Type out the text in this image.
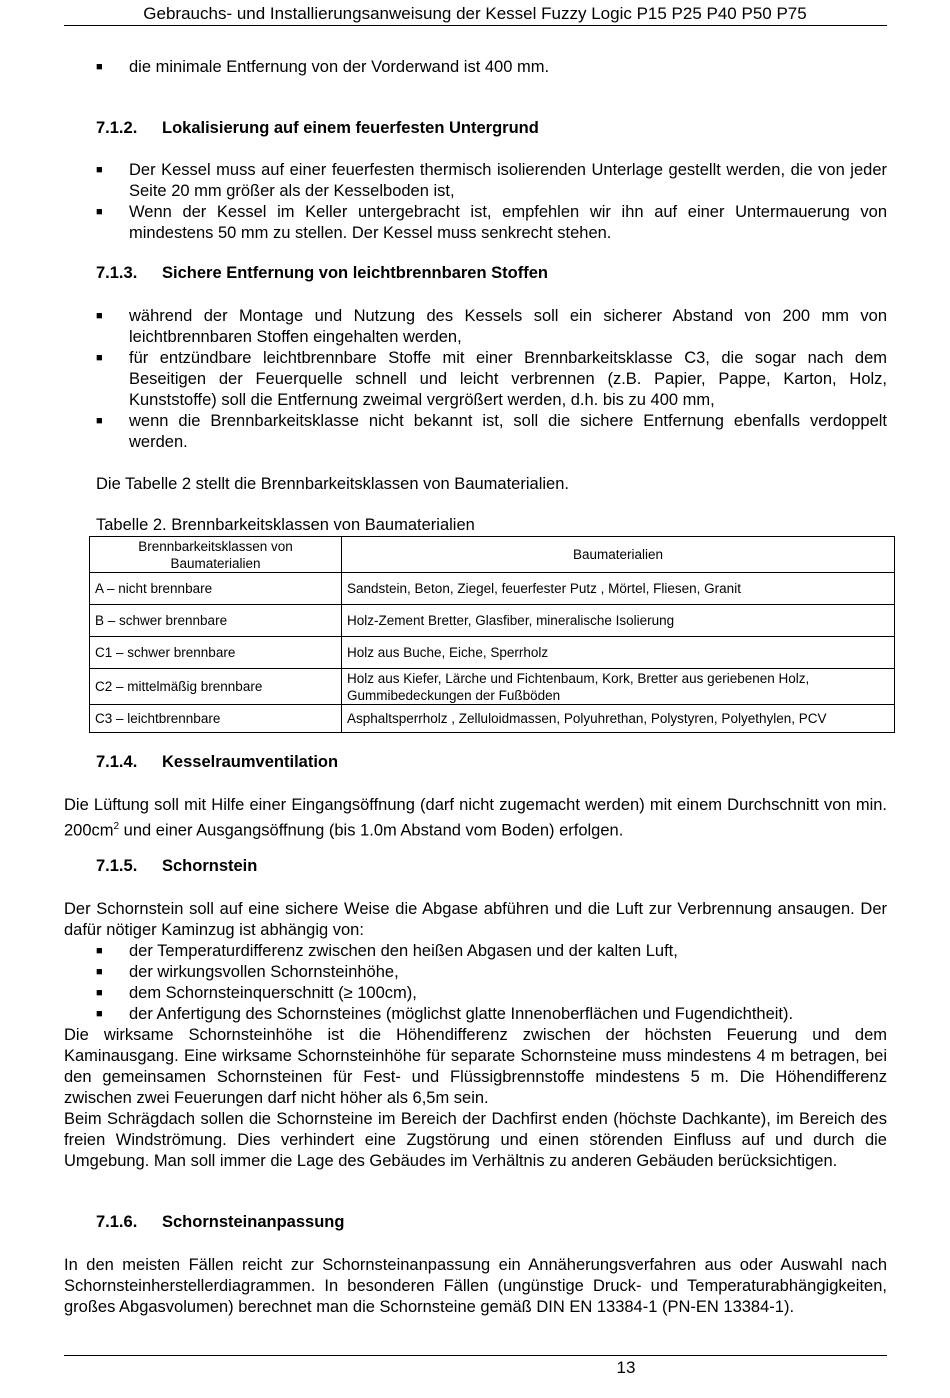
Gebrauchs- und Installierungsanweisung der Kessel Fuzzy Logic P15 P25 P40 P50 P75
■ die minimale Entfernung von der Vorderwand ist 400 mm.
7.1.2. Lokalisierung auf einem feuerfesten Untergrund
■ Der Kessel muss auf einer feuerfesten thermisch isolierenden Unterlage gestellt werden, die von jeder Seite 20 mm größer als der Kesselboden ist,
■ Wenn der Kessel im Keller untergebracht ist, empfehlen wir ihn auf einer Untermauerung von mindestens 50 mm zu stellen. Der Kessel muss senkrecht stehen.
7.1.3. Sichere Entfernung von leichtbrennbaren Stoffen
■ während der Montage und Nutzung des Kessels soll ein sicherer Abstand von 200 mm von leichtbrennbaren Stoffen eingehalten werden,
■ für entzündbare leichtbrennbare Stoffe mit einer Brennbarkeitsklasse C3, die sogar nach dem Beseitigen der Feuerquelle schnell und leicht verbrennen (z.B. Papier, Pappe, Karton, Holz, Kunststoffe) soll die Entfernung zweimal vergrößert werden, d.h. bis zu 400 mm,
■ wenn die Brennbarkeitsklasse nicht bekannt ist, soll die sichere Entfernung ebenfalls verdoppelt werden.
Die Tabelle 2 stellt die Brennbarkeitsklassen von Baumaterialien.
Tabelle 2. Brennbarkeitsklassen von Baumaterialien
Brennbarkeitsklassen von Baumaterialien	Baumaterialien
A – nicht brennbare	Sandstein, Beton, Ziegel, feuerfester Putz , Mörtel, Fliesen, Granit
B – schwer brennbare	Holz-Zement Bretter, Glasfiber, mineralische Isolierung
C1 – schwer brennbare	Holz aus Buche, Eiche, Sperrholz
C2 – mittelmäßig brennbare	Holz aus Kiefer, Lärche und Fichtenbaum, Kork, Bretter aus geriebenen Holz, Gummibedeckungen der Fußböden
C3 – leichtbrennbare	Asphaltsperrholz , Zelluloidmassen, Polyuhrethan, Polystyren, Polyethylen, PCV
7.1.4. Kesselraumventilation
Die Lüftung soll mit Hilfe einer Eingangsöffnung (darf nicht zugemacht werden) mit einem Durchschnitt von min. $200cm^2$ und einer Ausgangsöffnung (bis 1.0m Abstand vom Boden) erfolgen.
7.1.5. Schornstein
Der Schornstein soll auf eine sichere Weise die Abgase abführen und die Luft zur Verbrennung ansaugen. Der dafür nötiger Kaminzug ist abhängig von:
■ der Temperaturdifferenz zwischen den heißen Abgasen und der kalten Luft,
■ der wirkungsvollen Schornsteinhöhe,
■ dem Schornsteinquerschnitt (≥ 100cm),
■ der Anfertigung des Schornsteines (möglichst glatte Innenoberflächen und Fugendichtheit).
Die wirksame Schornsteinhöhe ist die Höhendifferenz zwischen der höchsten Feuerung und dem Kaminausgang. Eine wirksame Schornsteinhöhe für separate Schornsteine muss mindestens 4 m betragen, bei den gemeinsamen Schornsteinen für Fest- und Flüssigbrennstoffe mindestens 5 m. Die Höhendifferenz zwischen zwei Feuerungen darf nicht höher als 6,5m sein.
Beim Schrägdach sollen die Schornsteine im Bereich der Dachfirst enden (höchste Dachkante), im Bereich des freien Windströmung. Dies verhindert eine Zugstörung und einen störenden Einfluss auf und durch die Umgebung. Man soll immer die Lage des Gebäudes im Verhältnis zu anderen Gebäuden berücksichtigen.
7.1.6. Schornsteinanpassung
In den meisten Fällen reicht zur Schornsteinanpassung ein Annäherungsverfahren aus oder Auswahl nach Schornsteinherstellerdiagrammen. In besonderen Fällen (ungünstige Druck- und Temperaturabhängigkeiten, großes Abgasvolumen) berechnet man die Schornsteine gemäß DIN EN 13384-1 (PN-EN 13384-1).
13
